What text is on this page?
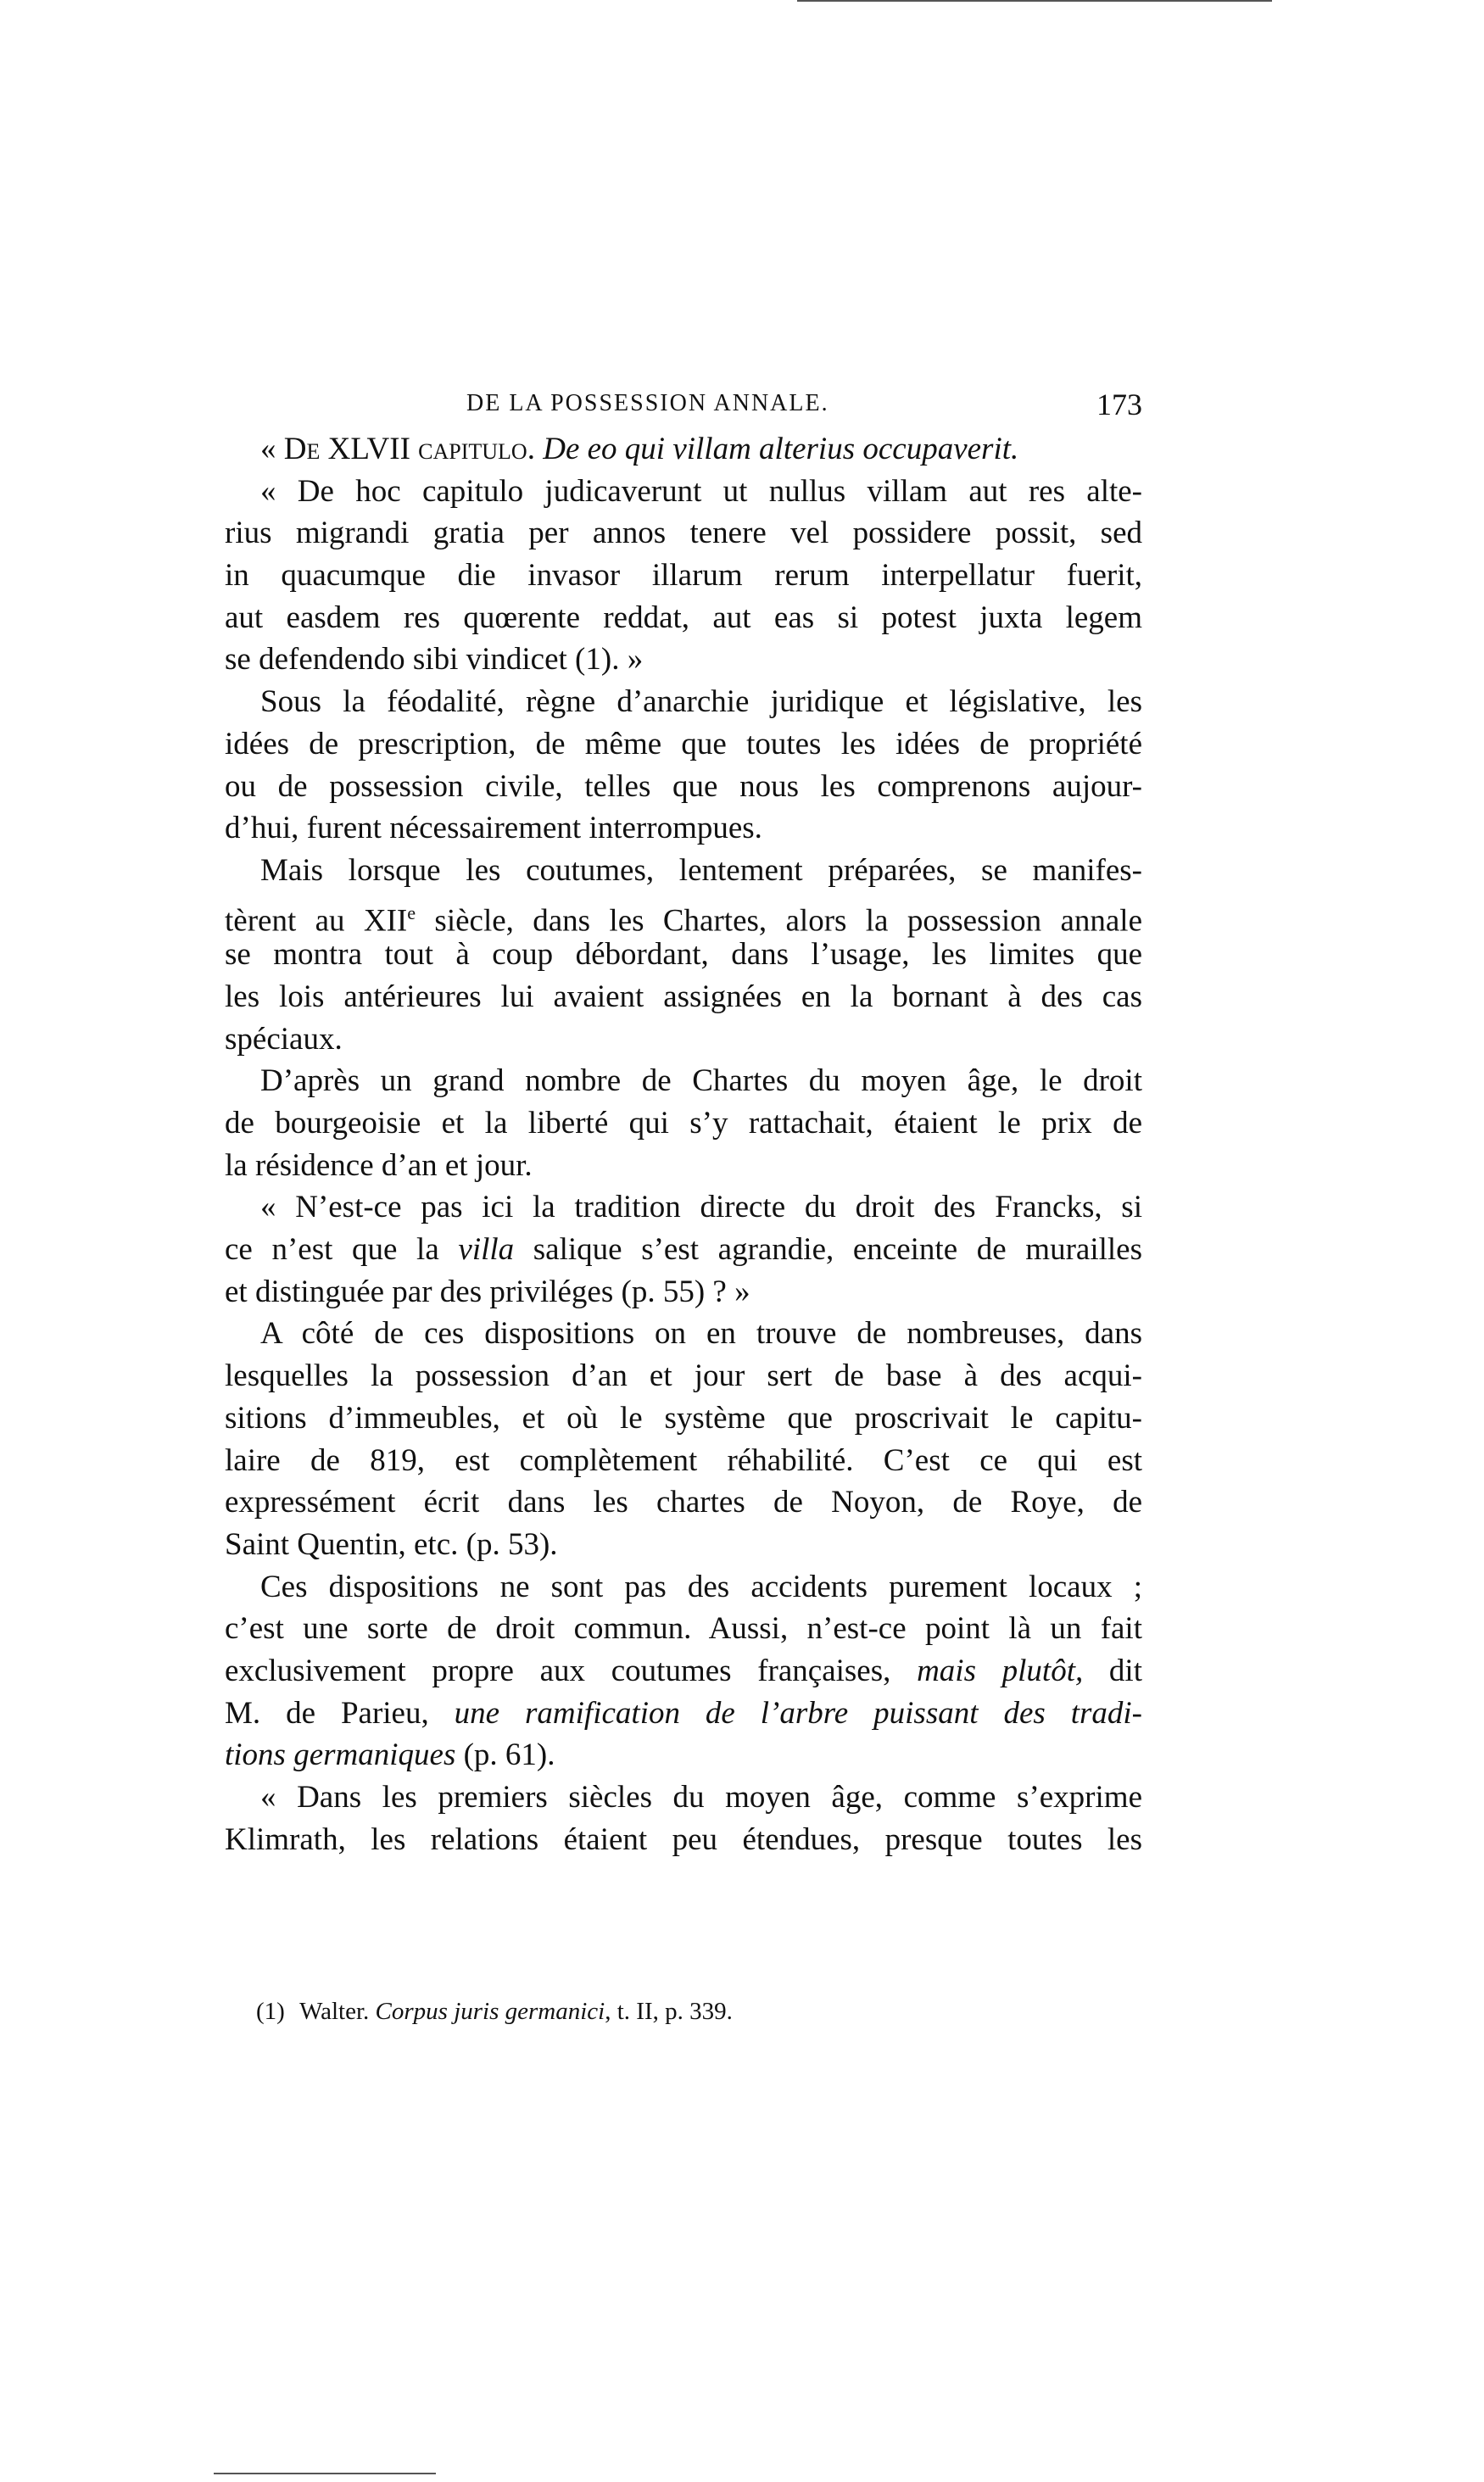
DE LA POSSESSION ANNALE.	173
« De XLVII capitulo. De eo qui villam alterius occupaverit.
« De hoc capitulo judicaverunt ut nullus villam aut res alte-
rius migrandi gratia per annos tenere vel possidere possit, sed
in quacumque die invasor illarum rerum interpellatur fuerit,
aut easdem res quœrente reddat, aut eas si potest juxta legem
se defendendo sibi vindicet (1). »
Sous la féodalité, règne d’anarchie juridique et législative, les
idées de prescription, de même que toutes les idées de propriété
ou de possession civile, telles que nous les comprenons aujour-
d’hui, furent nécessairement interrompues.
Mais lorsque les coutumes, lentement préparées, se manifes-
tèrent au XIIe siècle, dans les Chartes, alors la possession annale
se montra tout à coup débordant, dans l’usage, les limites que
les lois antérieures lui avaient assignées en la bornant à des cas
spéciaux.
D’après un grand nombre de Chartes du moyen âge, le droit
de bourgeoisie et la liberté qui s’y rattachait, étaient le prix de
la résidence d’an et jour.
« N’est-ce pas ici la tradition directe du droit des Francks, si
ce n’est que la villa salique s’est agrandie, enceinte de murailles
et distinguée par des priviléges (p. 55) ? »
A côté de ces dispositions on en trouve de nombreuses, dans
lesquelles la possession d’an et jour sert de base à des acqui-
sitions d’immeubles, et où le système que proscrivait le capitu-
laire de 819, est complètement réhabilité. C’est ce qui est
expressément écrit dans les chartes de Noyon, de Roye, de
Saint Quentin, etc. (p. 53).
Ces dispositions ne sont pas des accidents purement locaux ;
c’est une sorte de droit commun. Aussi, n’est-ce point là un fait
exclusivement propre aux coutumes françaises, mais plutôt, dit
M. de Parieu, une ramification de l’arbre puissant des tradi-
tions germaniques (p. 61).
« Dans les premiers siècles du moyen âge, comme s’exprime
Klimrath, les relations étaient peu étendues, presque toutes les
(1) Walter. Corpus juris germanici, t. II, p. 339.
